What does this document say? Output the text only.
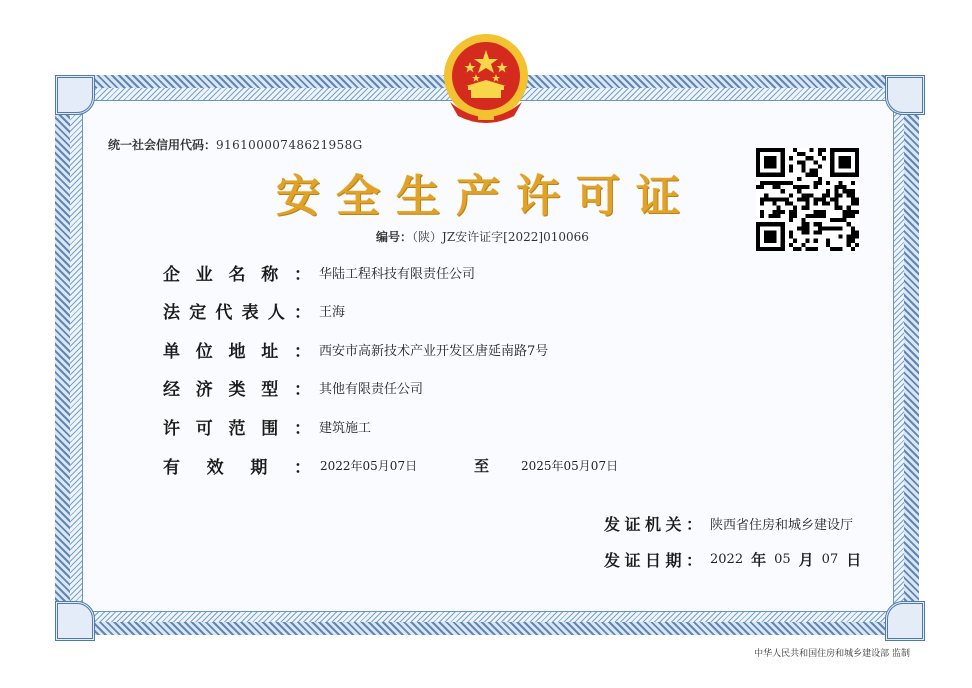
统一社会信用代码：91610000748621958G
安全生产许可证
编号：（陕）JZ安许证字[2022]010066
企 业 名 称 ： 华陆工程科技有限责任公司
法 定 代 表 人 ： 王海
单 位 地 址 ： 西安市高新技术产业开发区唐延南路7号
经 济 类 型 ： 其他有限责任公司
许 可 范 围 ： 建筑施工
有 效 期 ： 2022年05月07日	至	2025年05月07日
发 证 机 关 ： 陕西省住房和城乡建设厅
发 证 日 期 ： 2022 年 05 月 07 日
中华人民共和国住房和城乡建设部 监制
